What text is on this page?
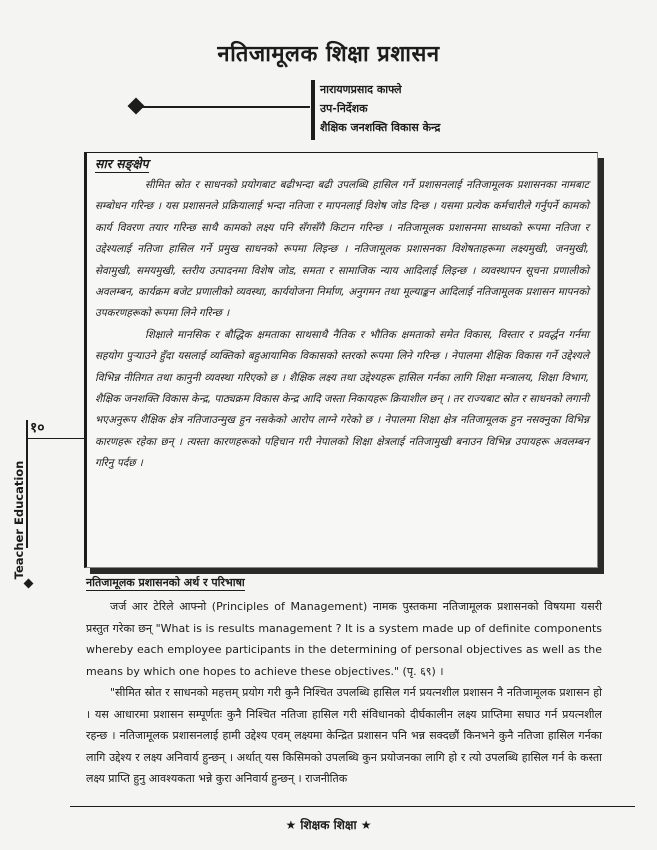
नतिजामूलक शिक्षा प्रशासन
नारायणप्रसाद काफ्ले
उप-निर्देशक
शैक्षिक जनशक्ति विकास केन्द्र
१०
Teacher Education
सार सङ्क्षेप

सीमित स्रोत र साधनको प्रयोगबाट बढीभन्दा बढी उपलब्धि हासिल गर्ने प्रशासनलाई नतिजामूलक प्रशासनका नामबाट सम्बोधन गरिन्छ । यस प्रशासनले प्रक्रियालाई भन्दा नतिजा र मापनलाई विशेष जोड दिन्छ । यसमा प्रत्येक कर्मचारीले गर्नुपर्ने कामको कार्य विवरण तयार गरिन्छ साथै कामको लक्ष्य पनि सँगसँगै किटान गरिन्छ । नतिजामूलक प्रशासनमा साध्यको रूपमा नतिजा र उद्देश्यलाई नतिजा हासिल गर्ने प्रमुख साधनको रूपमा लिइन्छ । नतिजामूलक प्रशासनका विशेषताहरूमा लक्ष्यमुखी, जनमुखी, सेवामुखी, समयमुखी, स्तरीय उत्पादनमा विशेष जोड, समता र सामाजिक न्याय आदिलाई लिइन्छ । व्यवस्थापन सूचना प्रणालीको अवलम्बन, कार्यक्रम बजेट प्रणालीको व्यवस्था, कार्ययोजना निर्माण, अनुगमन तथा मूल्याङ्कन आदिलाई नतिजामूलक प्रशासन मापनको उपकरणहरूको रूपमा लिने गरिन्छ ।

शिक्षाले मानसिक र बौद्धिक क्षमताका साथसाथै नैतिक र भौतिक क्षमताको समेत विकास, विस्तार र प्रवर्द्धन गर्नमा सहयोग पुऱ्याउने हुँदा यसलाई व्यक्तिको बहुआयामिक विकासको स्तरको रूपमा लिने गरिन्छ । नेपालमा शैक्षिक विकास गर्ने उद्देश्यले विभिन्न नीतिगत तथा कानुनी व्यवस्था गरिएको छ । शैक्षिक लक्ष्य तथा उद्देश्यहरू हासिल गर्नका लागि शिक्षा मन्त्रालय, शिक्षा विभाग, शैक्षिक जनशक्ति विकास केन्द्र, पाठ्यक्रम विकास केन्द्र आदि जस्ता निकायहरू क्रियाशील छन् । तर राज्यबाट स्रोत र साधनको लगानी भएअनुरूप शैक्षिक क्षेत्र नतिजाउन्मुख हुन नसकेको आरोप लाग्ने गरेको छ । नेपालमा शिक्षा क्षेत्र नतिजामूलक हुन नसक्नुका विभिन्न कारणहरू रहेका छन् । त्यस्ता कारणहरूको पहिचान गरी नेपालको शिक्षा क्षेत्रलाई नतिजामुखी बनाउन विभिन्न उपायहरू अवलम्बन गरिनु पर्दछ ।

नतिजामूलक प्रशासनको अर्थ र परिभाषा

जर्ज आर टेरिले आफ्नो (Principles of Management) नामक पुस्तकमा नतिजामूलक प्रशासनको विषयमा यसरी प्रस्तुत गरेका छन् "What is is results management ? It is a system made up of definite components whereby each employee participants in the determining of personal objectives as well as the means by which one hopes to achieve these objectives." (पृ. ६९) ।

"सीमित स्रोत र साधनको महत्तम् प्रयोग गरी कुनै निश्चित उपलब्धि हासिल गर्न प्रयत्नशील प्रशासन नै नतिजामूलक प्रशासन हो । यस आधारमा प्रशासन सम्पूर्णतः कुनै निश्चित नतिजा हासिल गरी संविधानको दीर्घकालीन लक्ष्य प्राप्तिमा सघाउ गर्न प्रयत्नशील रहन्छ । नतिजामूलक प्रशासनलाई हामी उद्देश्य एवम् लक्ष्यमा केन्द्रित प्रशासन पनि भन्न सक्दछौं किनभने कुनै नतिजा हासिल गर्नका लागि उद्देश्य र लक्ष्य अनिवार्य हुन्छन् । अर्थात् यस किसिमको उपलब्धि कुन प्रयोजनका लागि हो र त्यो उपलब्धि हासिल गर्न के कस्ता लक्ष्य प्राप्ति हुनु आवश्यकता भन्ने कुरा अनिवार्य हुन्छन् । राजनीतिक

★ शिक्षक शिक्षा ★
